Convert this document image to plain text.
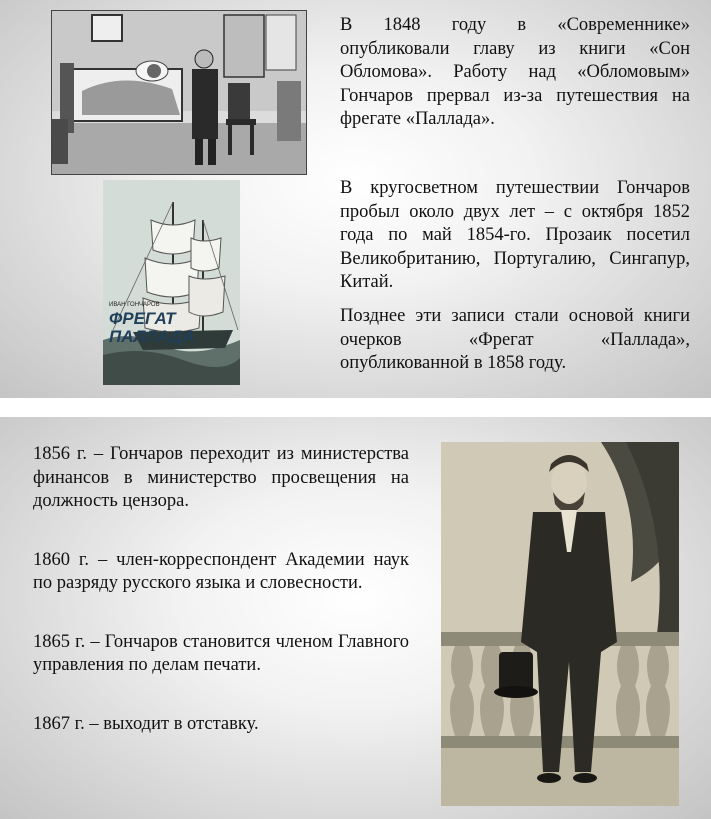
ИВАН ГОНЧАРОВ
ФРЕГАТ
ПАЛЛАДА

В 1848 году в «Современнике» опубликовали главу из книги «Сон Обломова». Работу над «Обломовым» Гончаров прервал из-за путешествия на фрегате «Паллада».

В кругосветном путешествии Гончаров пробыл около двух лет – с октября 1852 года по май 1854-го. Прозаик посетил Великобританию, Португалию, Сингапур, Китай.

Позднее эти записи стали основой книги очерков «Фрегат «Паллада», опубликованной в 1858 году.

1856 г. – Гончаров переходит из министерства финансов в министерство просвещения на должность цензора.

1860 г. – член-корреспондент Академии наук по разряду русского языка и словесности.

1865 г. – Гончаров становится членом Главного управления по делам печати.

1867 г. – выходит в отставку.
